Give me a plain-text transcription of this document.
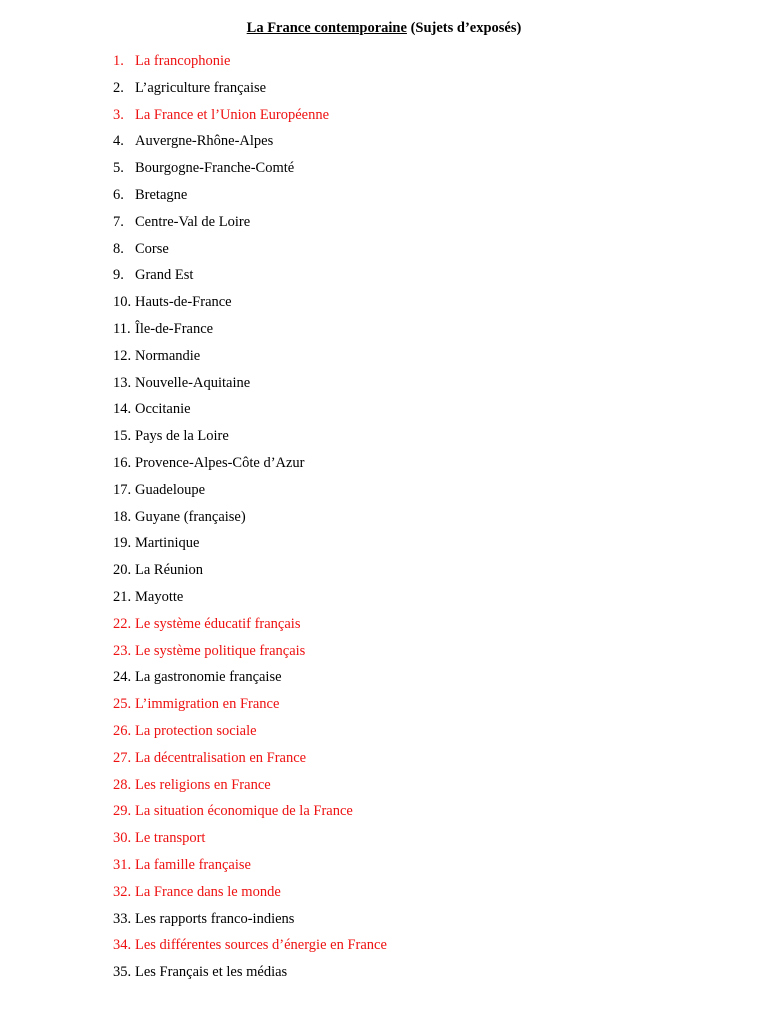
La France contemporaine (Sujets d’exposés)
1. La francophonie
2. L’agriculture française
3. La France et l’Union Européenne
4. Auvergne-Rhône-Alpes
5. Bourgogne-Franche-Comté
6. Bretagne
7. Centre-Val de Loire
8. Corse
9. Grand Est
10. Hauts-de-France
11. Île-de-France
12. Normandie
13. Nouvelle-Aquitaine
14. Occitanie
15. Pays de la Loire
16. Provence-Alpes-Côte d’Azur
17. Guadeloupe
18. Guyane (française)
19. Martinique
20. La Réunion
21. Mayotte
22. Le système éducatif français
23. Le système politique français
24. La gastronomie française
25. L’immigration en France
26. La protection sociale
27. La décentralisation en France
28. Les religions en France
29. La situation économique de la France
30. Le transport
31. La famille française
32. La France dans le monde
33. Les rapports franco-indiens
34. Les différentes sources d’énergie en France
35. Les Français et les médias
